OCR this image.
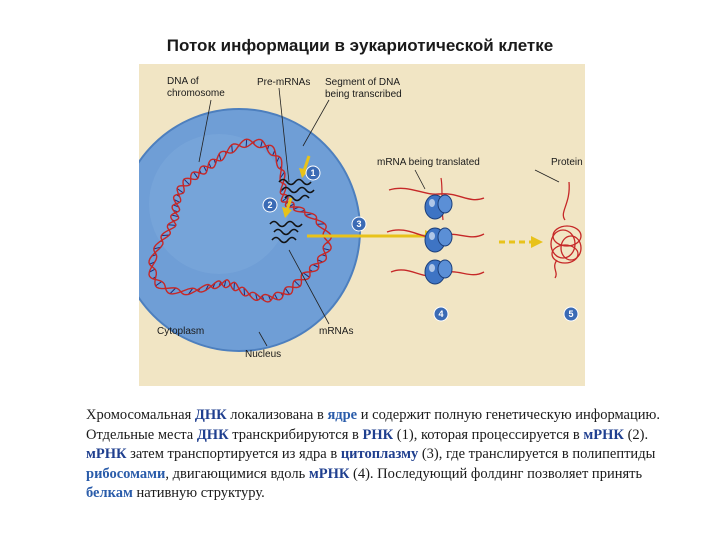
Поток информации в эукариотической клетке
DNA of
chromosome
Pre-mRNAs Segment of DNA
being transcribed
mRNA being translated	Protein
Cytoplasm	mRNAs
Nucleus
1
2
3
4	5
Хромосомальная ДНК локализована в ядре и содержит полную генетическую информацию. Отдельные места ДНК транскрибируются в РНК (1), которая процессируется в мРНК (2). мРНК затем транспортируется из ядра в цитоплазму (3), где транслируется в полипептиды рибосомами, двигающимися вдоль мРНК (4). Последующий фолдинг позволяет принять белкам нативную структуру.
